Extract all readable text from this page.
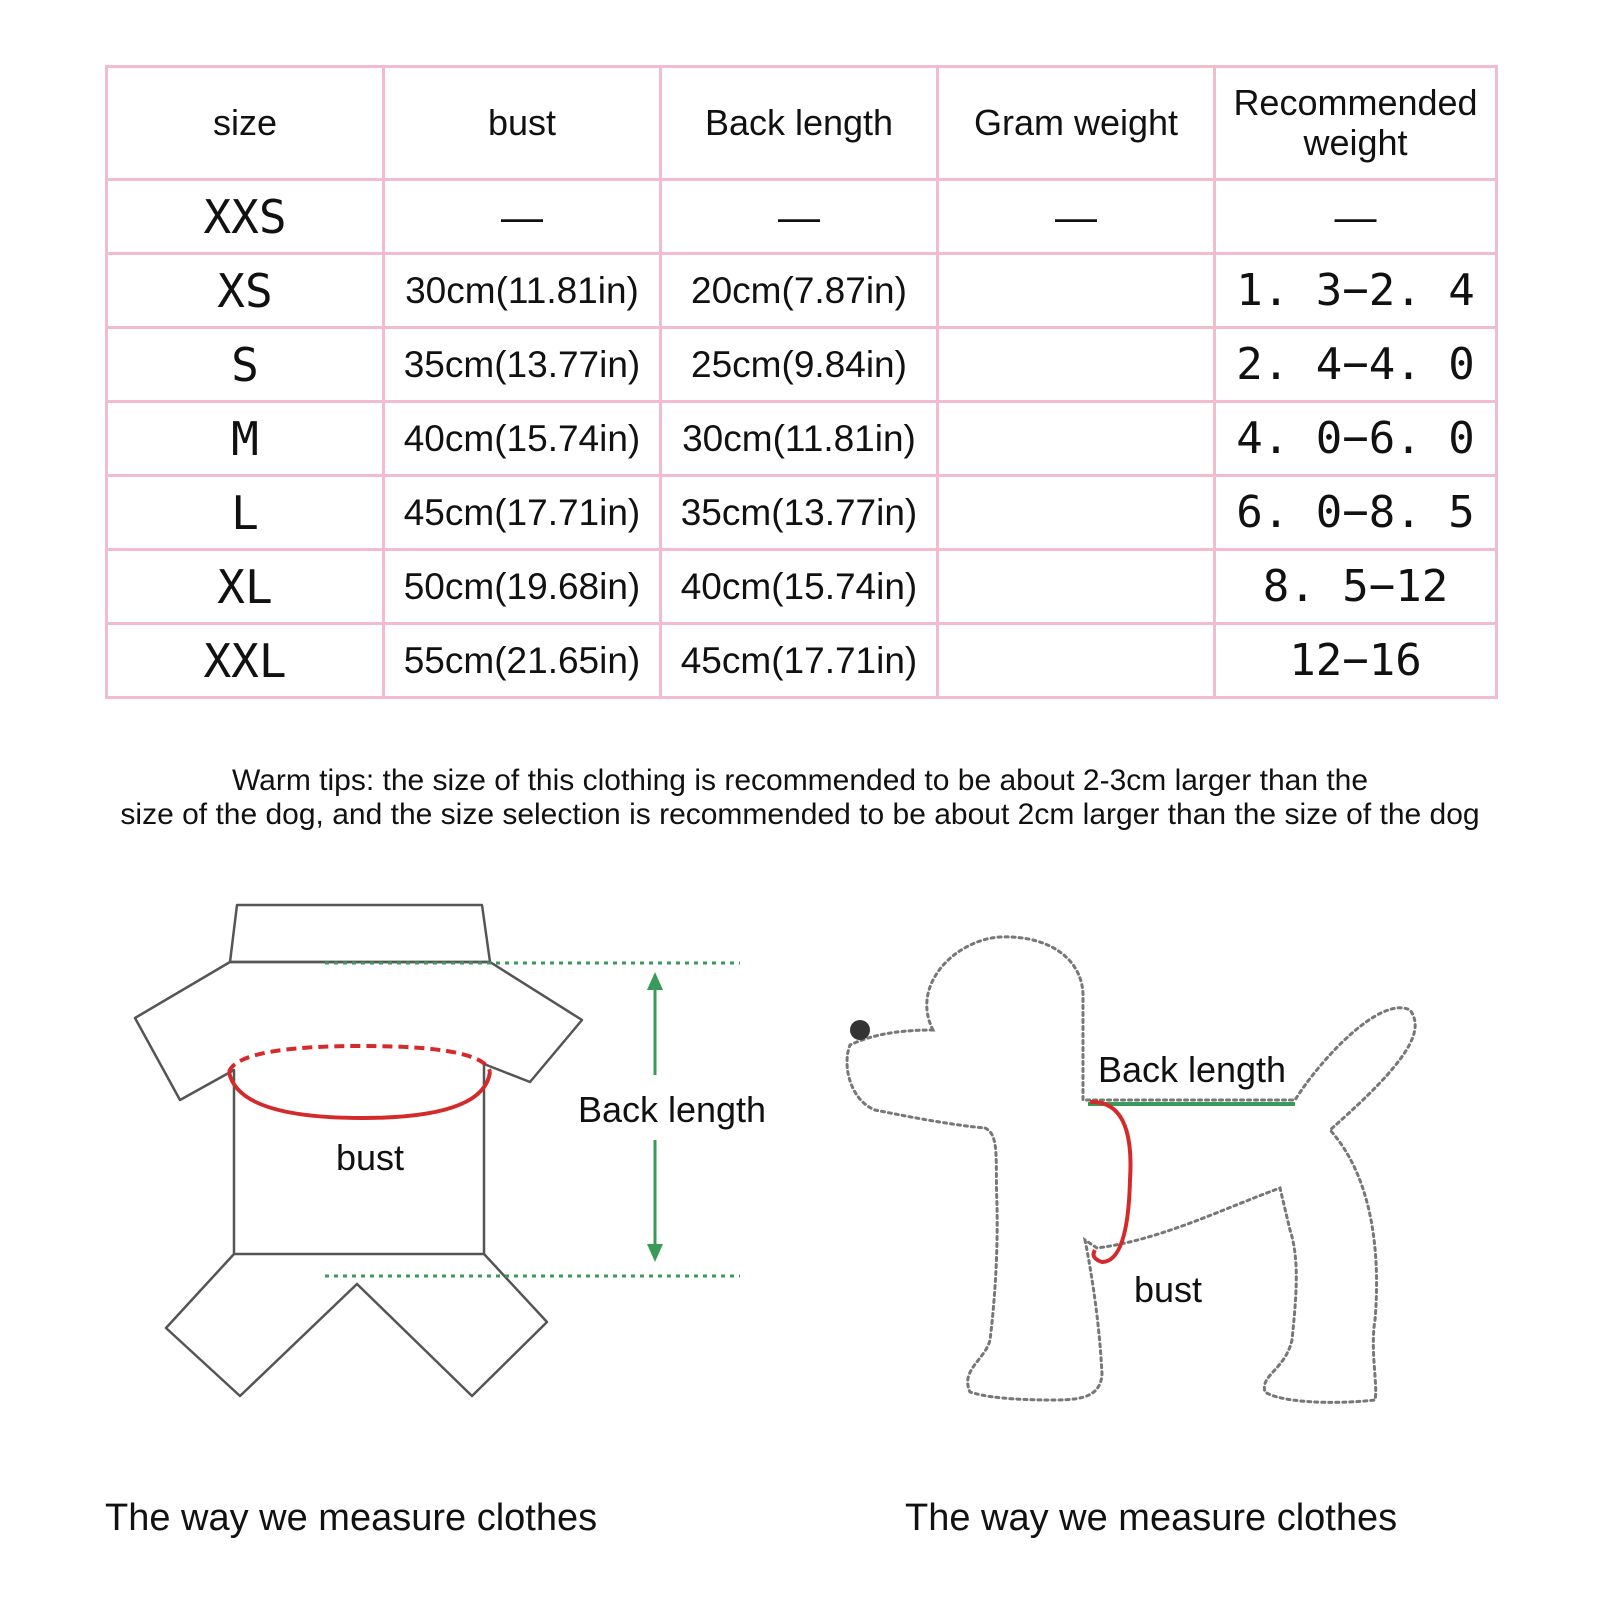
size	bust	Back length	Gram weight	Recommended weight
XXS	—	—	—	—
XS	30cm(11.81in)	20cm(7.87in)		1. 3−2. 4
S	35cm(13.77in)	25cm(9.84in)		2. 4−4. 0
M	40cm(15.74in)	30cm(11.81in)		4. 0−6. 0
L	45cm(17.71in)	35cm(13.77in)		6. 0−8. 5
XL	50cm(19.68in)	40cm(15.74in)		8. 5−12
XXL	55cm(21.65in)	45cm(17.71in)		12−16
Warm tips: the size of this clothing is recommended to be about 2-3cm larger than the
size of the dog, and the size selection is recommended to be about 2cm larger than the size of the dog
bust
Back length
Back length
bust
The way we measure clothes	The way we measure clothes
